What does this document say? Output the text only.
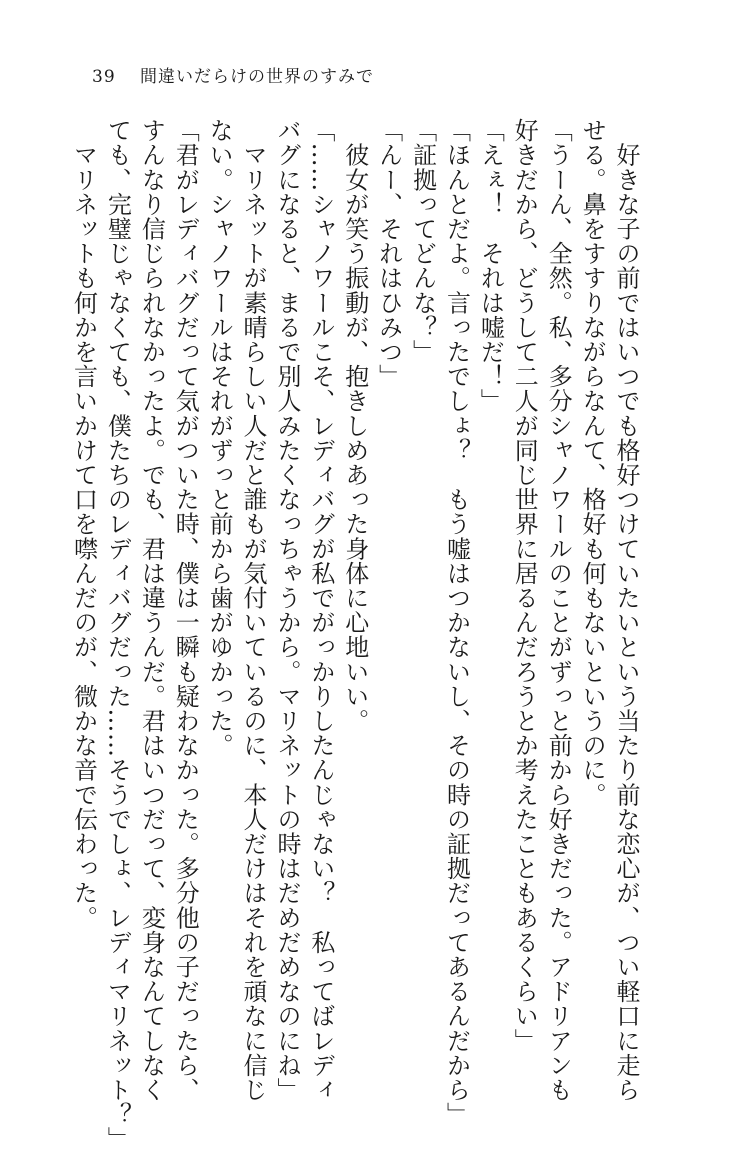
39 間違いだらけの世界のすみで
　好きな子の前ではいつでも格好つけていたいという当たり前な恋心が、つい軽口に走ら
せる。鼻をすすりながらなんて、格好も何もないというのに。
「うーん、全然。私、多分シャノワールのことがずっと前から好きだった。アドリアンも
好きだから、どうして二人が同じ世界に居るんだろうとか考えたこともあるくらい」
「えぇ！　それは嘘だ！」
「ほんとだよ。言ったでしょ？　もう嘘はつかないし、その時の証拠だってあるんだから」
「証拠ってどんな？」
「んー、それはひみつ」
　彼女が笑う振動が、抱きしめあった身体に心地いい。
「……シャノワールこそ、レディバグが私でがっかりしたんじゃない？　私ってばレディ
バグになると、まるで別人みたくなっちゃうから。マリネットの時はだめだめなのにね」
　マリネットが素晴らしい人だと誰もが気付いているのに、本人だけはそれを頑なに信じ
ない。シャノワールはそれがずっと前から歯がゆかった。
「君がレディバグだって気がついた時、僕は一瞬も疑わなかった。多分他の子だったら、
すんなり信じられなかったよ。でも、君は違うんだ。君はいつだって、変身なんてしなく
ても、完璧じゃなくても、僕たちのレディバグだった……そうでしょ、レディマリネット？」
　マリネットも何かを言いかけて口を噤んだのが、微かな音で伝わった。
